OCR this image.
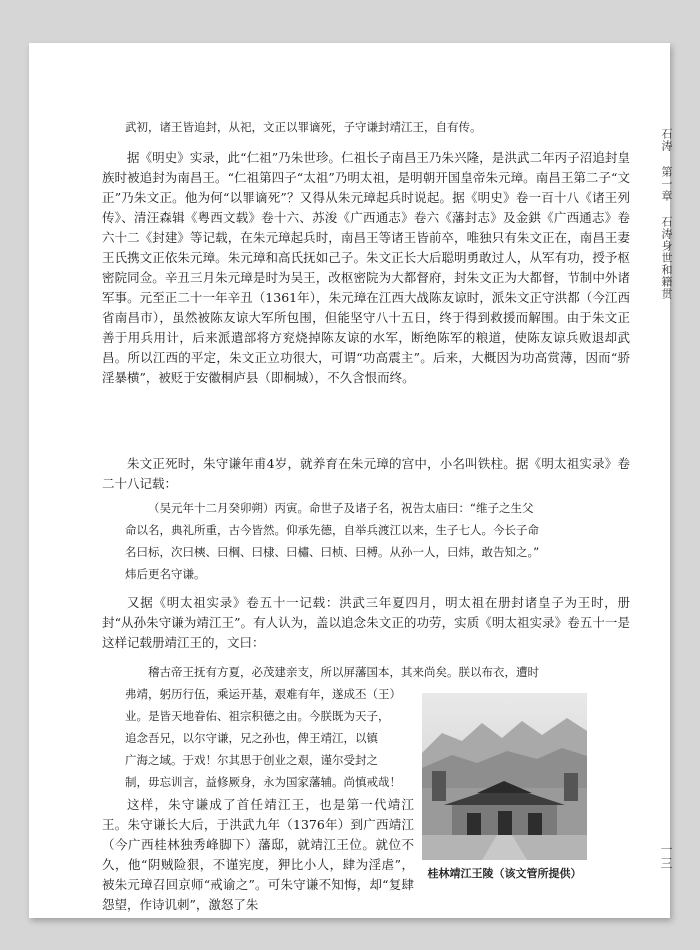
石涛 第一章 石涛身世和籍贯
武初，诸王皆追封，从祀，文正以罪谪死，子守谦封靖江王，自有传。

据《明史》实录，此“仁祖”乃朱世珍。仁祖长子南昌王乃朱兴隆，是洪武二年丙子沼追封皇族时被追封为南昌王。“仁祖第四子“太祖”乃明太祖，是明朝开国皇帝朱元璋。南昌王第二子“文正”乃朱文正。他为何“以罪谪死”？又得从朱元璋起兵时说起。据《明史》卷一百十八《诸王列传》、清汪森辑《粤西文载》卷十六、苏浚《广西通志》卷六《藩封志》及金鉷《广西通志》卷六十二《封建》等记载，在朱元璋起兵时，南昌王等诸王皆前卒，唯独只有朱文正在，南昌王妻王氏携文正依朱元璋。朱元璋和高氏抚如己子。朱文正长大后聪明勇敢过人，从军有功，授予枢密院同佥。辛丑三月朱元璋是时为吴王，改枢密院为大都督府，封朱文正为大都督，节制中外诸军事。元至正二十一年辛丑（1361年），朱元璋在江西大战陈友谅时，派朱文正守洪都（今江西省南昌市），虽然被陈友谅大军所包围，但能坚守八十五日，终于得到救援而解围。由于朱文正善于用兵用计，后来派遣部将方兖烧掉陈友谅的水军，断绝陈军的粮道，使陈友谅兵败退却武昌。所以江西的平定，朱文正立功很大，可谓“功高震主”。后来，大概因为功高赏薄，因而“骄淫暴横”，被贬于安徽桐庐县（即桐城），不久含恨而终。

朱文正死时，朱守谦年甫4岁，就养育在朱元璋的宫中，小名叫铁柱。据《明太祖实录》卷二十八记载：

（吴元年十二月癸卯朔）丙寅。命世子及诸子名，祝告太庙曰：“维子之生父
命以名，典礼所重，古今皆然。仰承先德，自举兵渡江以来，生子七人。今长子命
名曰标，次曰樉、曰棡、曰棣、曰橚、曰桢、曰榑。从孙一人，曰炜，敢告知之。”
炜后更名守谦。

又据《明太祖实录》卷五十一记载：洪武三年夏四月，明太祖在册封诸皇子为王时，册封“从孙朱守谦为靖江王”。有人认为，盖以追念朱文正的功劳，实质《明太祖实录》卷五十一是这样记载册靖江王的，文曰：

稽古帝王抚有方夏，必茂建亲支，所以屏藩国本，其来尚矣。朕以布衣，遭时
弗靖，躬历行伍，乘运开基，艰难有年，遂成丕（王）
业。是皆天地眷佑、祖宗积德之由。今朕既为天子，
追念吾兄，以尔守谦，兄之孙也，俾王靖江，以镇
广海之域。于戏！尔其思于创业之艰，谨尔受封之
制，毋忘训言，益修厥身，永为国家藩辅。尚慎戒哉！

这样，朱守谦成了首任靖江王，也是第一代靖江王。朱守谦长大后，于洪武九年（1376年）到广西靖江（今广西桂林独秀峰脚下）藩邸，就靖江王位。就位不久，他“阴贼险狠，不谨宪度，狎比小人，肆为淫虐”，被朱元璋召回京师“戒谕之”。可朱守谦不知悔，却“复肆怨望，作诗讥刺”，激怒了朱

桂林靖江王陵（该文管所提供）
一三
